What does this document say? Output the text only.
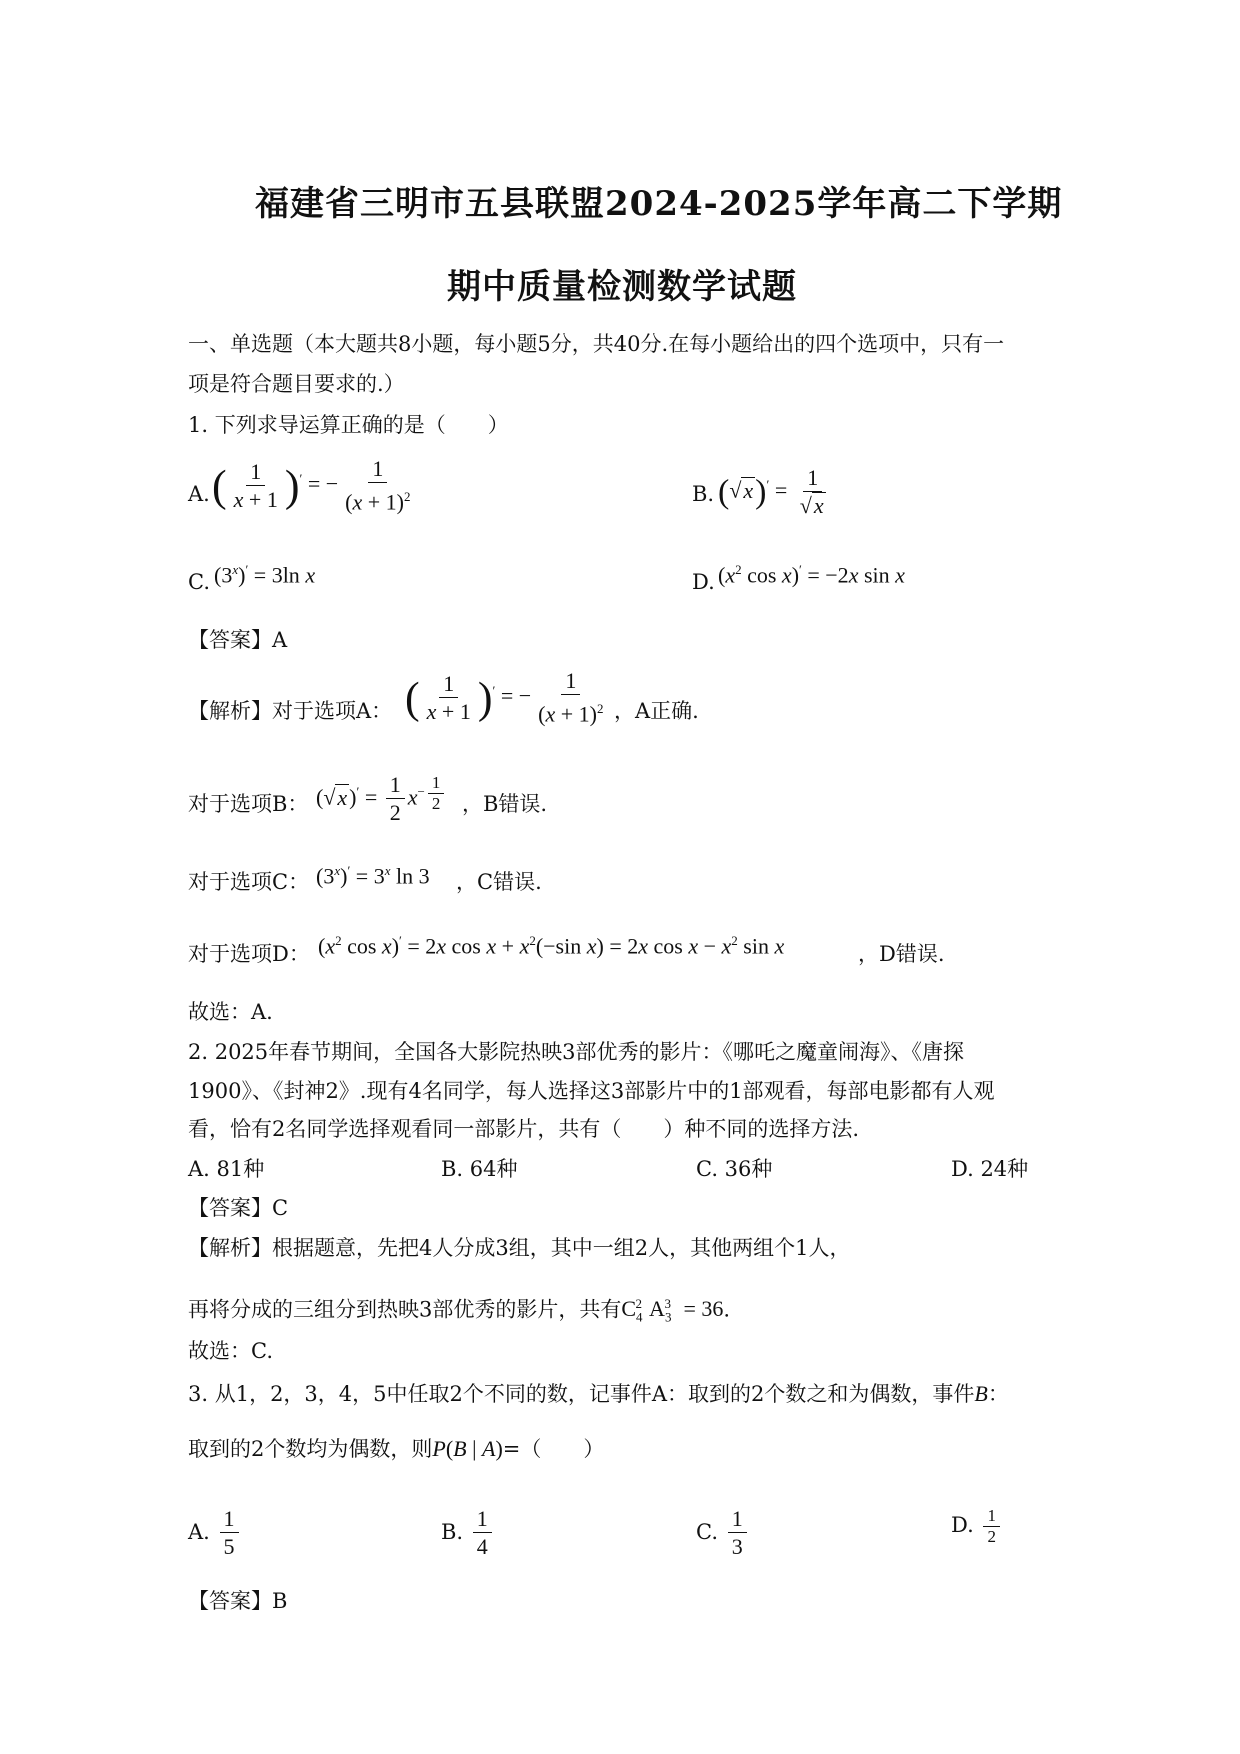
福建省三明市五县联盟2024-2025学年高二下学期
期中质量检测数学试题
一、单选题（本大题共8小题，每小题5分，共40分.在每小题给出的四个选项中，只有一
项是符合题目要求的.）
1. 下列求导运算正确的是（　　）
A. ( $\frac{1}{x + 1} )'$ = − $\frac{1}{(x + 1)^2}$	B. $(√x)' = \frac{1}{√x}$
C. $(3^x)' = 3\ln$ x	D. ($x^2$ cos x)′ = −2x sin x
【答案】A
【解析】对于选项A： ( $\frac{1}{x + 1} )'$ = − $\frac{1}{(x + 1)^2}$ ，A正确.
对于选项B： $(√x)' = \frac{1}{2} x^{- \frac{1}{2}}$ ，B错误.
对于选项C： $(3^x)' = 3^x$ ln 3 ，C错误.
对于选项D： ($x^2$ cos x)′ = 2x $\cos x + x^2(-\sin$ x) = 2x $\cos x - x^2$ sin x	，D错误.
故选：A.
2. 2025年春节期间，全国各大影院热映3部优秀的影片：《哪吒之魔童闹海》、《唐探
1900》、《封神2》.现有4名同学，每人选择这3部影片中的1部观看，每部电影都有人观
看，恰有2名同学选择观看同一部影片，共有（　　）种不同的选择方法.
A. 81种	B. 64种	C. 36种	D. 24种
【答案】C
【解析】根据题意，先把4人分成3组，其中一组2人，其他两组个1人，
再将分成的三组分到热映3部优秀的影片，共有$C_4^2$ $A_3^3 = 36$.
故选：C.
3. 从1，2，3，4，5中任取2个不同的数，记事件A：取到的2个数之和为偶数，事件B：
取到的2个数均为偶数，则P(B | A)=（　　）
A. $\frac{1}{5}$	B. $\frac{1}{4}$	C. $\frac{1}{3}$	D. $\frac{1}{2}$
【答案】B
